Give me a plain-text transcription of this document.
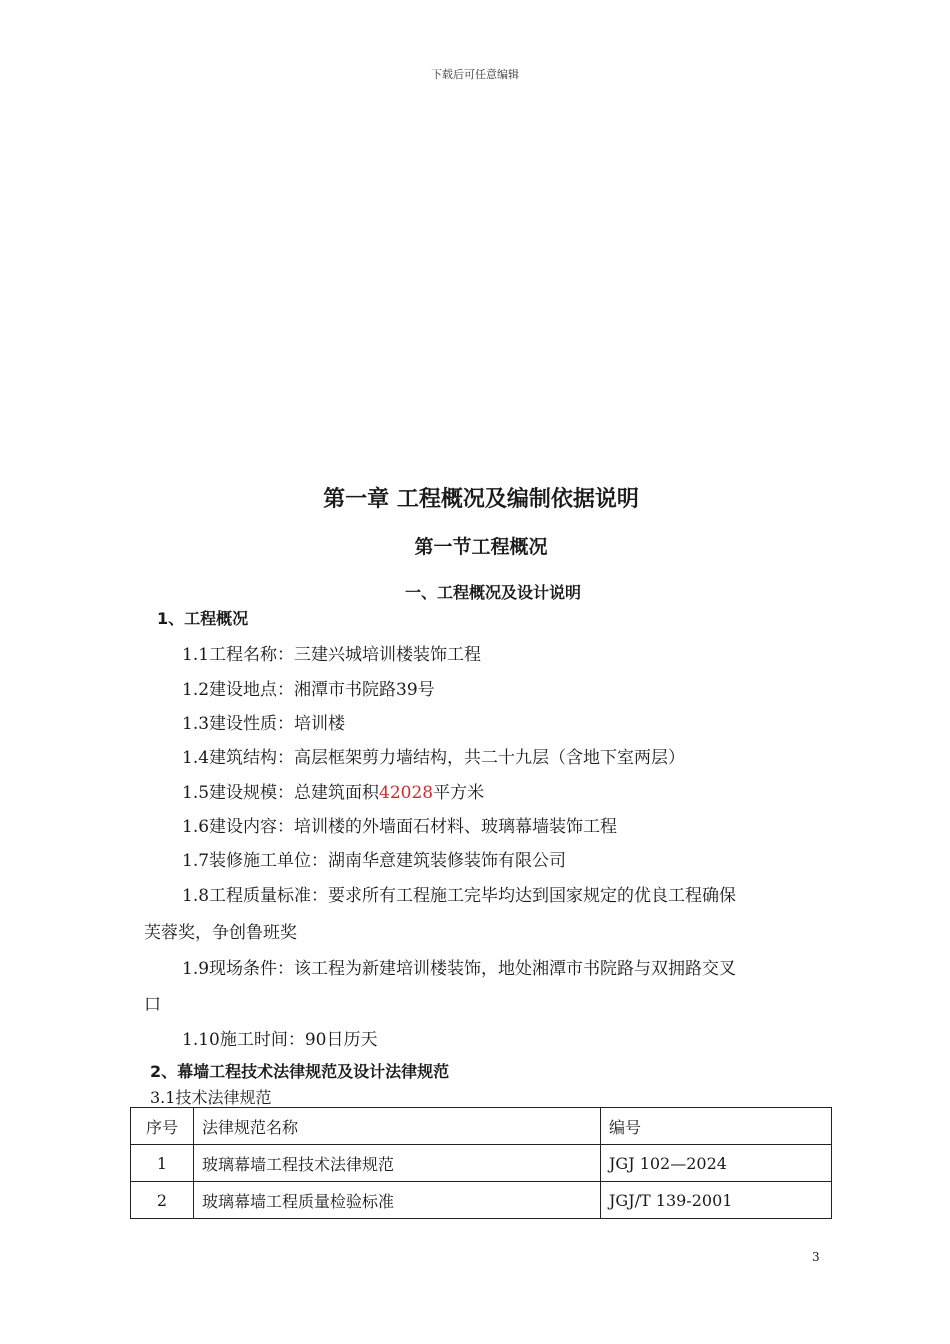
下载后可任意编辑
第一章 工程概况及编制依据说明
第一节工程概况
一、工程概况及设计说明
1、工程概况
1.1工程名称：三建兴城培训楼装饰工程
1.2建设地点：湘潭市书院路39号
1.3建设性质：培训楼
1.4建筑结构：高层框架剪力墙结构，共二十九层（含地下室两层）
1.5建设规模：总建筑面积42028平方米
1.6建设内容：培训楼的外墙面石材料、玻璃幕墙装饰工程
1.7装修施工单位：湖南华意建筑装修装饰有限公司
1.8工程质量标准：要求所有工程施工完毕均达到国家规定的优良工程确保
芙蓉奖，争创鲁班奖
1.9现场条件：该工程为新建培训楼装饰，地处湘潭市书院路与双拥路交叉
口
1.10施工时间：90日历天
2、幕墙工程技术法律规范及设计法律规范
3.1技术法律规范
序号	法律规范名称	编号
1	玻璃幕墙工程技术法律规范	JGJ 102—2024
2	玻璃幕墙工程质量检验标准	JGJ/T 139-2001
3
